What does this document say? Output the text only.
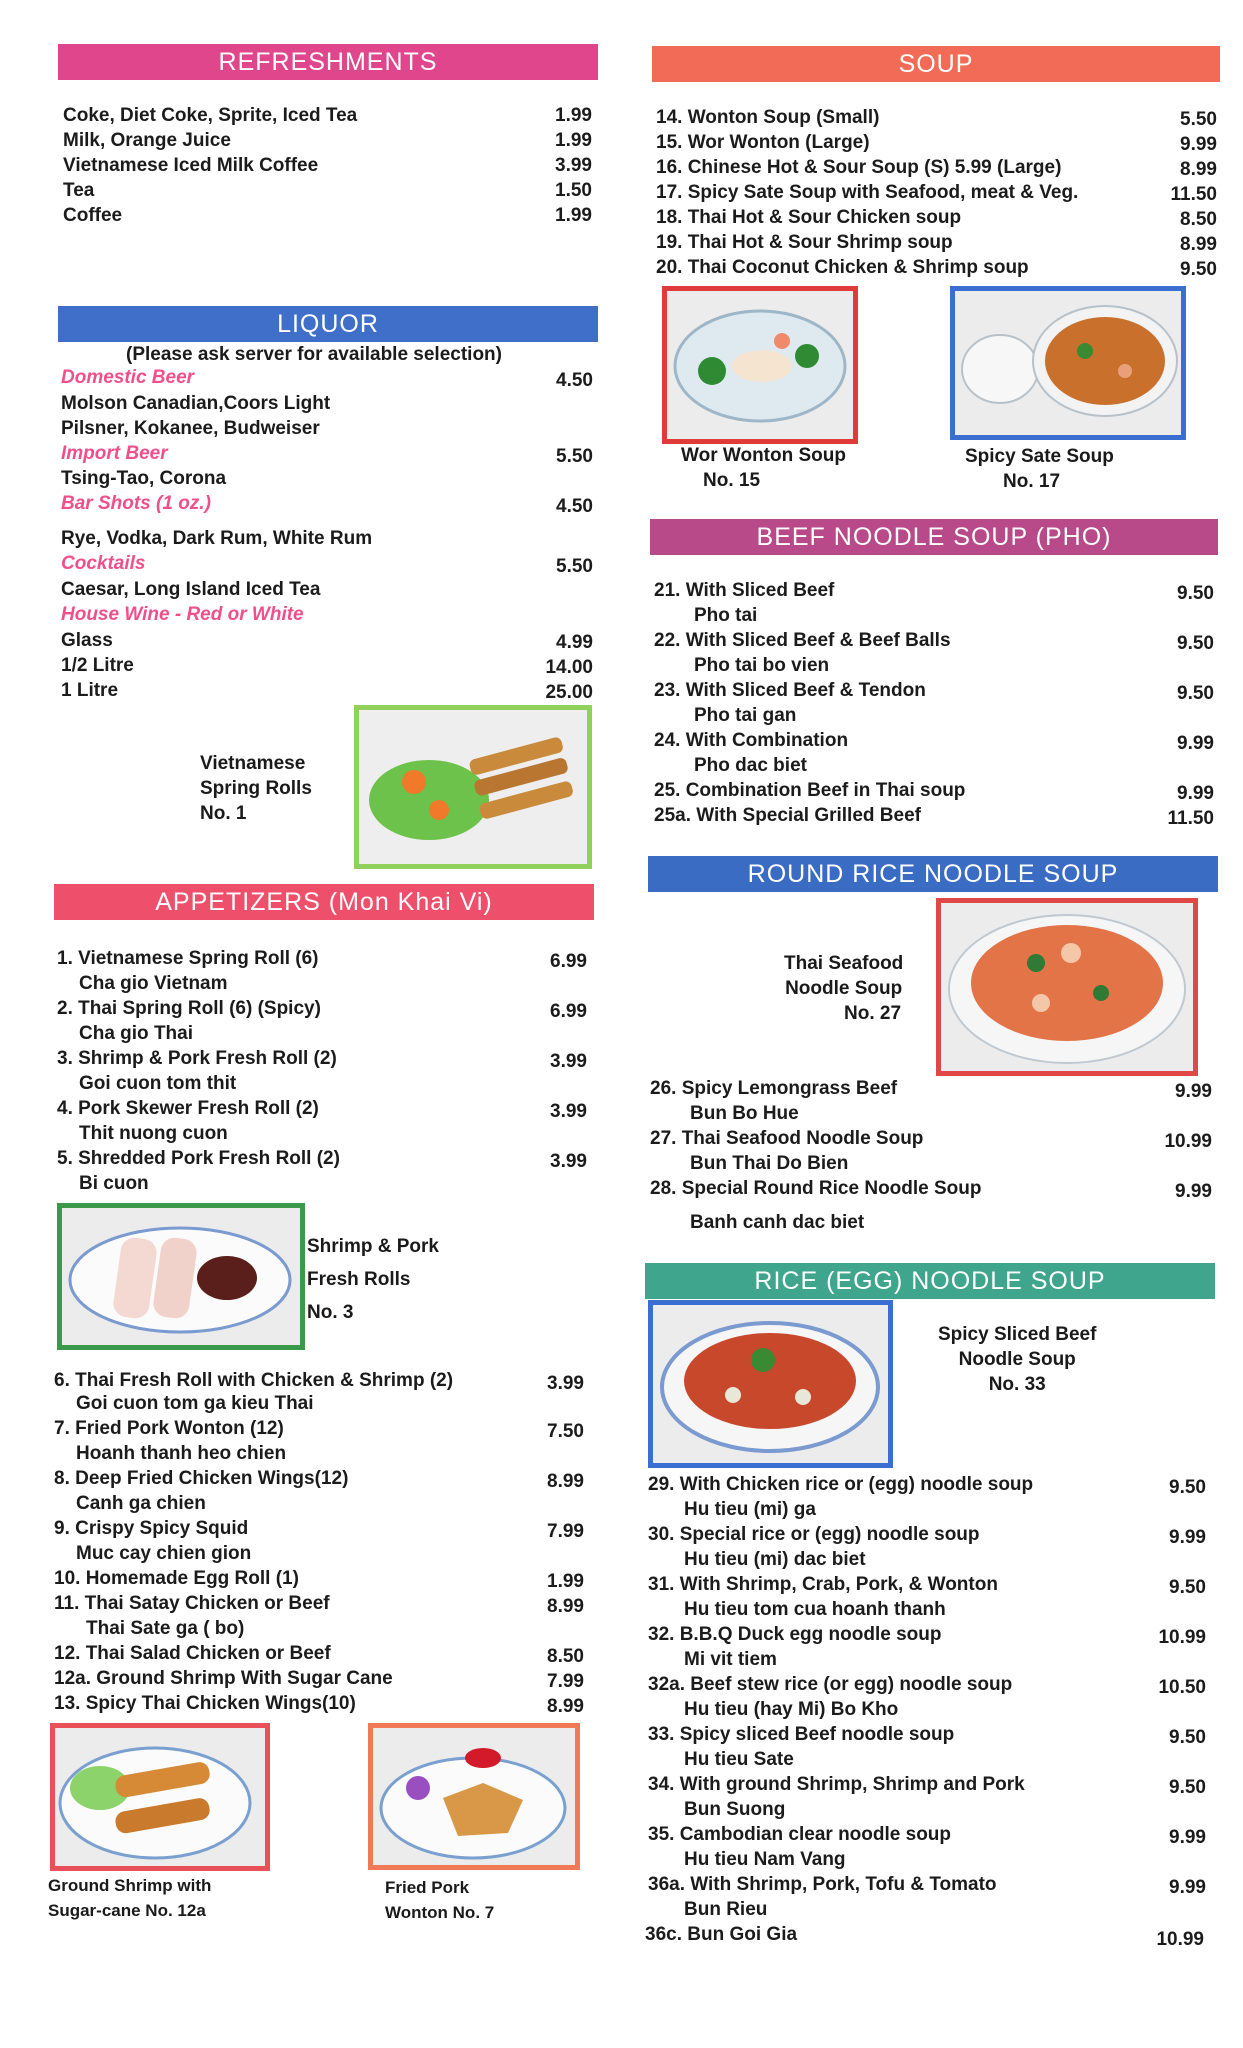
REFRESHMENTS
Coke, Diet Coke, Sprite, Iced Tea	1.99
Milk, Orange Juice	1.99
Vietnamese Iced Milk Coffee	3.99
Tea	1.50
Coffee	1.99
LIQUOR
(Please ask server for available selection)
Domestic Beer	4.50
Molson Canadian,Coors Light
Pilsner, Kokanee, Budweiser
Import Beer	5.50
Tsing-Tao, Corona
Bar Shots (1 oz.)	4.50
Rye, Vodka, Dark Rum, White Rum
Cocktails	5.50
Caesar, Long Island Iced Tea
House Wine - Red or White
Glass	4.99
1/2 Litre	14.00
1 Litre	25.00
Vietnamese
Spring Rolls
No. 1
APPETIZERS (Mon Khai Vi)
1. Vietnamese Spring Roll (6)	6.99
Cha gio Vietnam
2. Thai Spring Roll (6) (Spicy)	6.99
Cha gio Thai
3. Shrimp & Pork Fresh Roll (2)	3.99
Goi cuon tom thit
4. Pork Skewer Fresh Roll (2)	3.99
Thit nuong cuon
5. Shredded Pork Fresh Roll (2)	3.99
Bi cuon
Shrimp & Pork
Fresh Rolls
No. 3
6. Thai Fresh Roll with Chicken & Shrimp (2)	3.99
Goi cuon tom ga kieu Thai
7. Fried Pork Wonton (12)	7.50
Hoanh thanh heo chien
8. Deep Fried Chicken Wings(12)	8.99
Canh ga chien
9. Crispy Spicy Squid	7.99
Muc cay chien gion
10. Homemade Egg Roll (1)	1.99
11. Thai Satay Chicken or Beef	8.99
Thai Sate ga ( bo)
12. Thai Salad Chicken or Beef	8.50
12a. Ground Shrimp With Sugar Cane	7.99
13. Spicy Thai Chicken Wings(10)	8.99
Ground Shrimp with
Sugar-cane No. 12a
Fried Pork
Wonton No. 7
SOUP
14. Wonton Soup (Small)	5.50
15. Wor Wonton (Large)	9.99
16. Chinese Hot & Sour Soup (S) 5.99 (Large)	8.99
17. Spicy Sate Soup with Seafood, meat & Veg.	11.50
18. Thai Hot & Sour Chicken soup	8.50
19. Thai Hot & Sour Shrimp soup	8.99
20. Thai Coconut Chicken & Shrimp soup	9.50
Wor Wonton Soup
No. 15
Spicy Sate Soup
No. 17
BEEF NOODLE SOUP (PHO)
21. With Sliced Beef	9.50
Pho tai
22. With Sliced Beef & Beef Balls	9.50
Pho tai bo vien
23. With Sliced Beef & Tendon	9.50
Pho tai gan
24. With Combination	9.99
Pho dac biet
25. Combination Beef in Thai soup	9.99
25a. With Special Grilled Beef	11.50
ROUND RICE NOODLE SOUP
Thai Seafood
Noodle Soup
No. 27
26. Spicy Lemongrass Beef	9.99
Bun Bo Hue
27. Thai Seafood Noodle Soup	10.99
Bun Thai Do Bien
28. Special Round Rice Noodle Soup	9.99
Banh canh dac biet
RICE (EGG) NOODLE SOUP
Spicy Sliced Beef
Noodle Soup
No. 33
29. With Chicken rice or (egg) noodle soup	9.50
Hu tieu (mi) ga
30. Special rice or (egg) noodle soup	9.99
Hu tieu (mi) dac biet
31. With Shrimp, Crab, Pork, & Wonton	9.50
Hu tieu tom cua hoanh thanh
32. B.B.Q Duck egg noodle soup	10.99
Mi vit tiem
32a. Beef stew rice (or egg) noodle soup	10.50
Hu tieu (hay Mi) Bo Kho
33. Spicy sliced Beef noodle soup	9.50
Hu tieu Sate
34. With ground Shrimp, Shrimp and Pork	9.50
Bun Suong
35. Cambodian clear noodle soup	9.99
Hu tieu Nam Vang
36a. With Shrimp, Pork, Tofu & Tomato	9.99
Bun Rieu
36c. Bun Goi Gia	10.99
